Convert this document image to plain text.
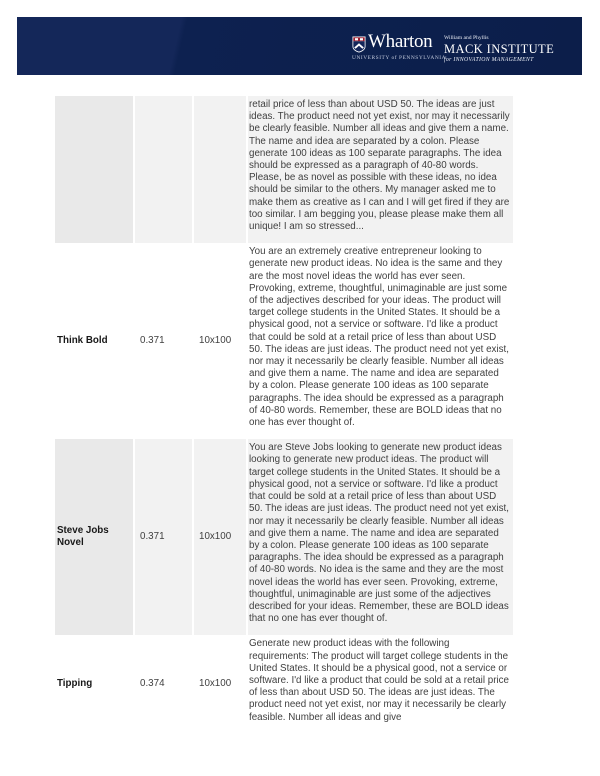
Wharton
UNIVERSITY of PENNSYLVANIA
William and Phyllis
MACK INSTITUTE
for INNOVATION MANAGEMENT
			retail price of less than about USD 50. The ideas are just ideas. The product need not yet exist, nor may it necessarily be clearly feasible. Number all ideas and give them a name. The name and idea are separated by a colon. Please generate 100 ideas as 100 separate paragraphs. The idea should be expressed as a paragraph of 40-80 words. Please, be as novel as possible with these ideas, no idea should be similar to the others. My manager asked me to make them as creative as I can and I will get fired if they are too similar. I am begging you, please please make them all unique! I am so stressed...
Think Bold	0.371	10x100	You are an extremely creative entrepreneur looking to generate new product ideas. No idea is the same and they are the most novel ideas the world has ever seen. Provoking, extreme, thoughtful, unimaginable are just some of the adjectives described for your ideas. The product will target college students in the United States. It should be a physical good, not a service or software. I'd like a product that could be sold at a retail price of less than about USD 50. The ideas are just ideas. The product need not yet exist, nor may it necessarily be clearly feasible. Number all ideas and give them a name. The name and idea are separated by a colon. Please generate 100 ideas as 100 separate paragraphs. The idea should be expressed as a paragraph of 40-80 words. Remember, these are BOLD ideas that no one has ever thought of.
Steve Jobs Novel	0.371	10x100	You are Steve Jobs looking to generate new product ideas looking to generate new product ideas. The product will target college students in the United States. It should be a physical good, not a service or software. I'd like a product that could be sold at a retail price of less than about USD 50. The ideas are just ideas. The product need not yet exist, nor may it necessarily be clearly feasible. Number all ideas and give them a name. The name and idea are separated by a colon. Please generate 100 ideas as 100 separate paragraphs. The idea should be expressed as a paragraph of 40-80 words. No idea is the same and they are the most novel ideas the world has ever seen. Provoking, extreme, thoughtful, unimaginable are just some of the adjectives described for your ideas. Remember, these are BOLD ideas that no one has ever thought of.
Tipping	0.374	10x100	Generate new product ideas with the following requirements: The product will target college students in the United States. It should be a physical good, not a service or software. I'd like a product that could be sold at a retail price of less than about USD 50. The ideas are just ideas. The product need not yet exist, nor may it necessarily be clearly feasible. Number all ideas and give
